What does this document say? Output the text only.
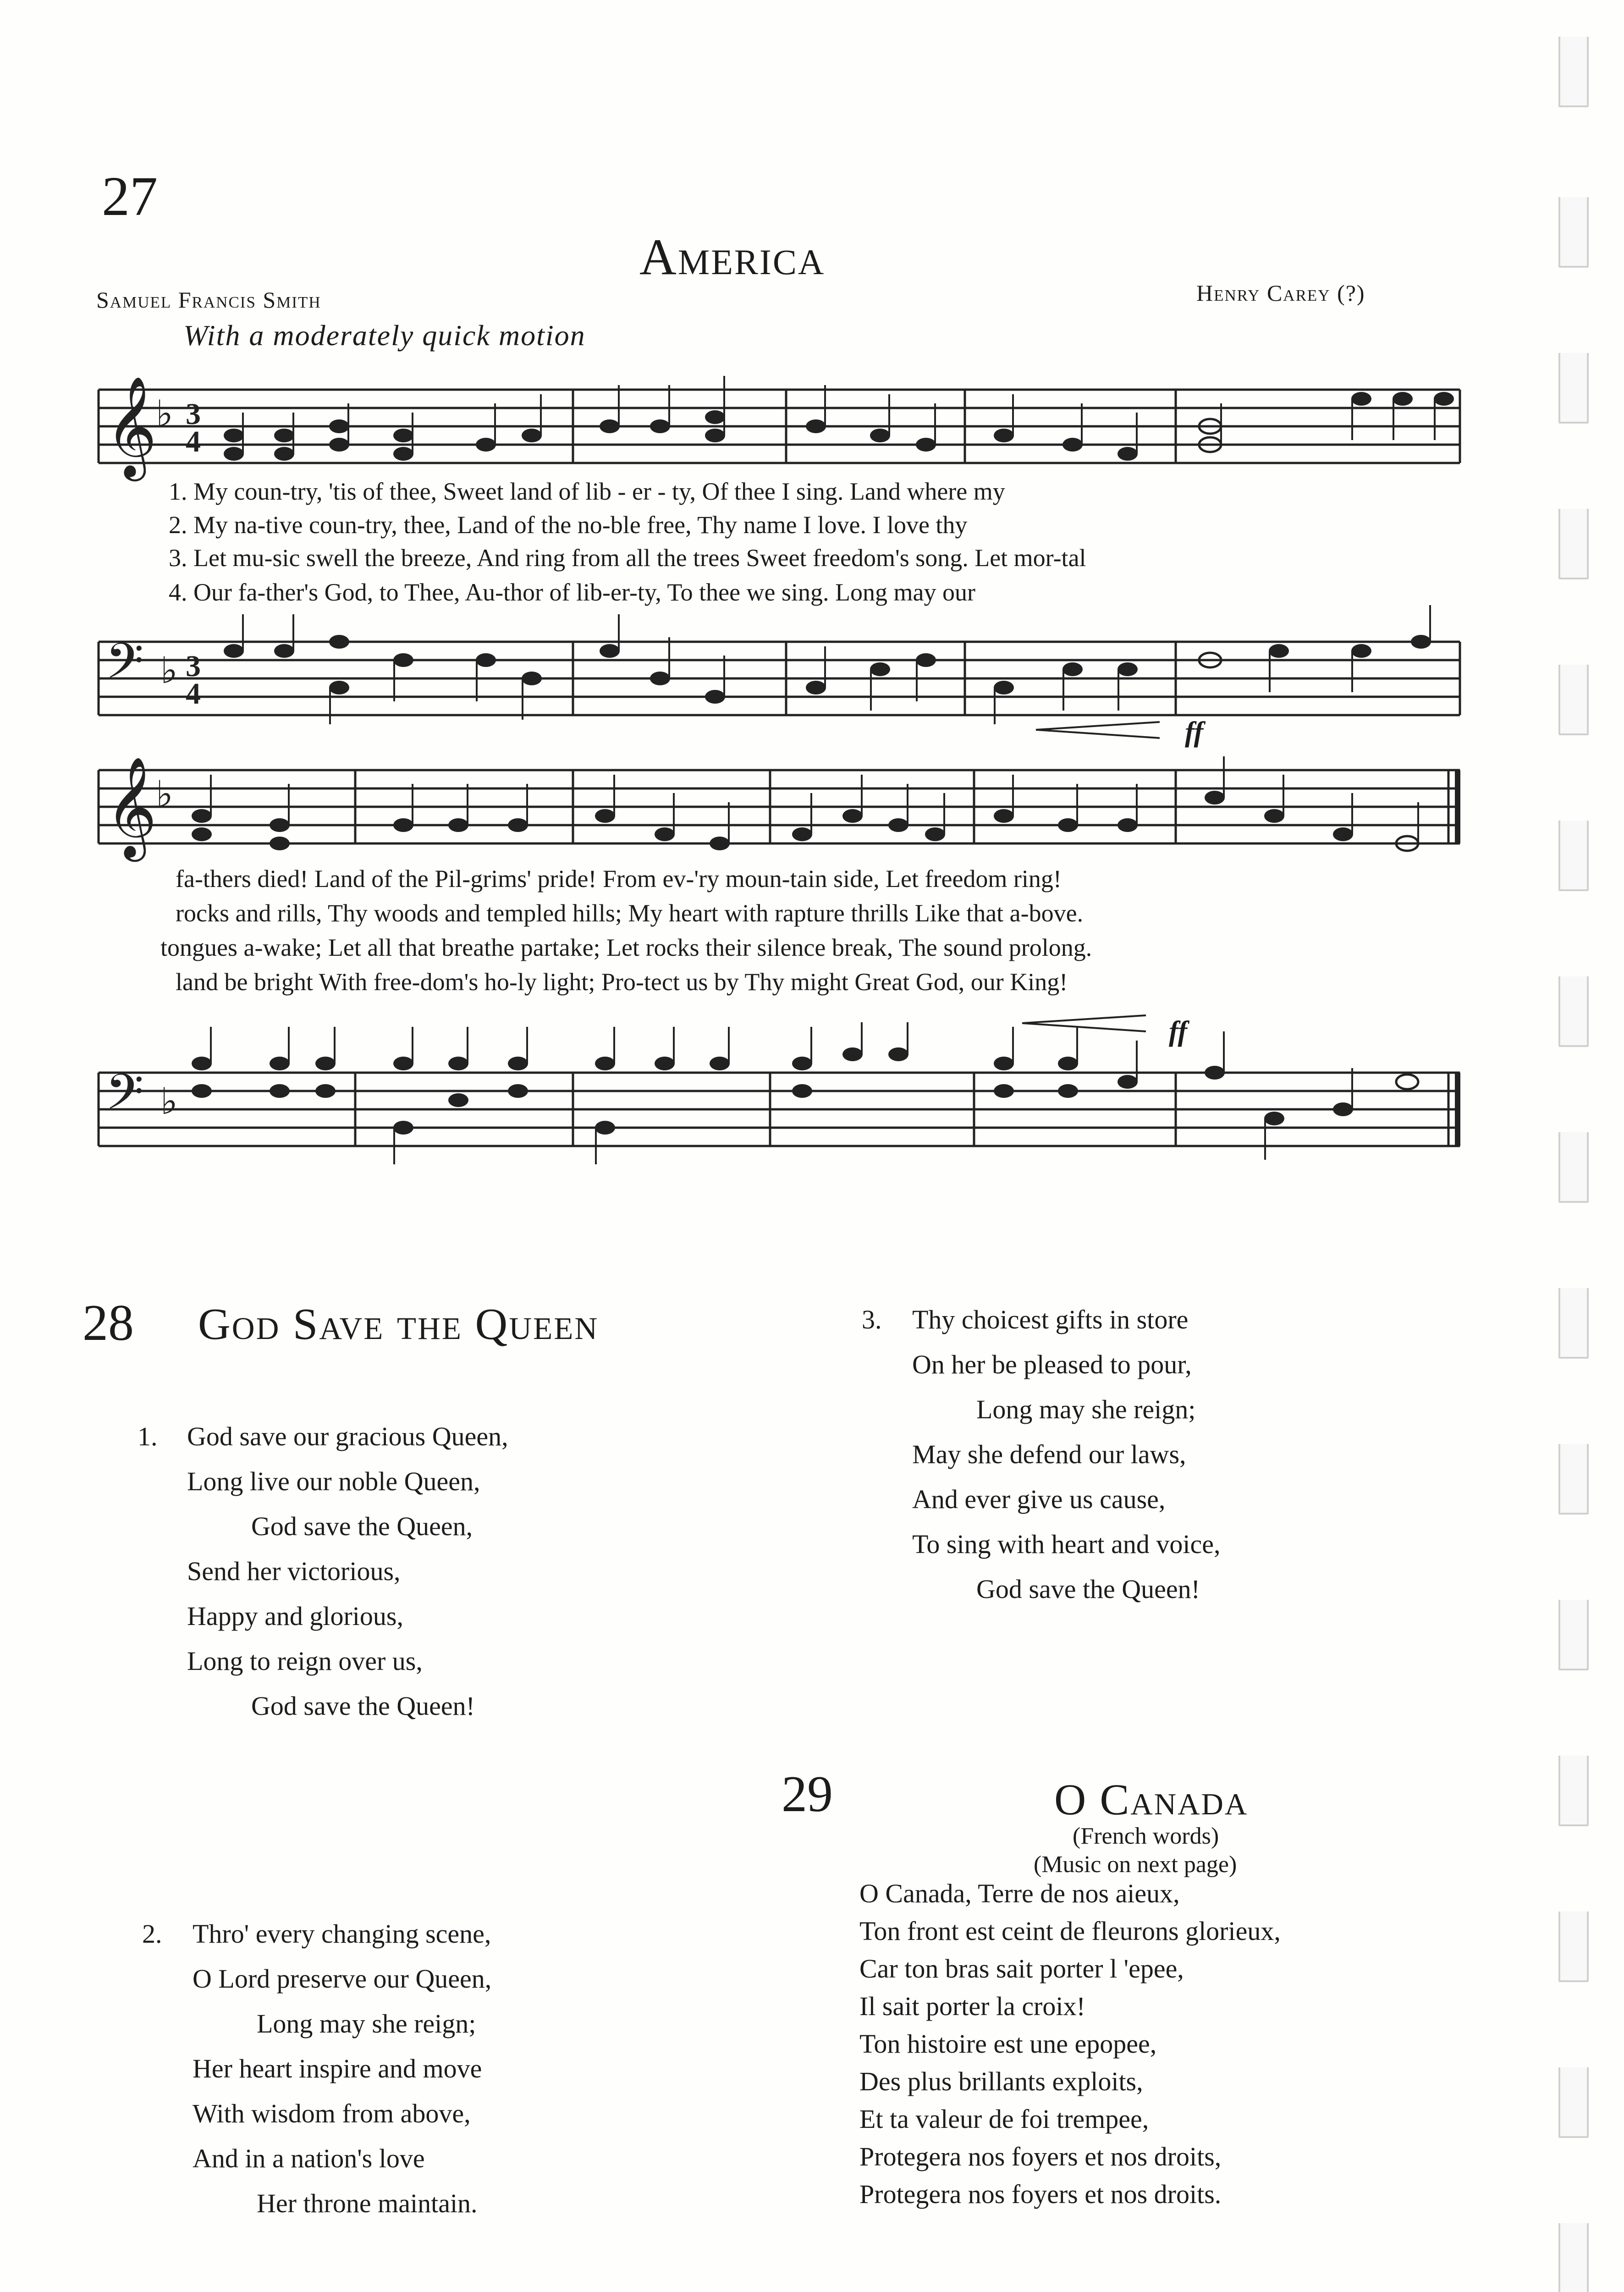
27
America
Samuel Francis Smith	Henry Carey (?)
With a moderately quick motion
𝄞
♭ 3
4
1. My coun-try, 'tis of thee, Sweet land of lib - er - ty, Of thee I sing. Land where my
2. My na-tive coun-try, thee, Land of the no-ble free, Thy name I love. I love thy
3. Let mu-sic swell the breeze, And ring from all the trees Sweet freedom's song. Let mor-tal
4. Our fa-ther's God, to Thee, Au-thor of lib-er-ty, To thee we sing. Long may our
𝄢 ♭ 3
4
ff
𝄞
♭
fa-thers died! Land of the Pil-grims' pride! From ev-'ry moun-tain side, Let freedom ring!
rocks and rills, Thy woods and templed hills; My heart with rapture thrills Like that a-bove.
tongues a-wake; Let all that breathe partake; Let rocks their silence break, The sound prolong.
land be bright With free-dom's ho-ly light; Pro-tect us by Thy might Great God, our King!
ff
𝄢 ♭
28 God Save the Queen
1. God save our gracious Queen,
Long live our noble Queen,
God save the Queen,
Send her victorious,
Happy and glorious,
Long to reign over us,
God save the Queen!
2. Thro' every changing scene,
O Lord preserve our Queen,
Long may she reign;
Her heart inspire and move
With wisdom from above,
And in a nation's love
Her throne maintain.
3. Thy choicest gifts in store
On her be pleased to pour,
Long may she reign;
May she defend our laws,
And ever give us cause,
To sing with heart and voice,
God save the Queen!
29	O Canada
(French words)
(Music on next page)
O Canada, Terre de nos aieux,
Ton front est ceint de fleurons glorieux,
Car ton bras sait porter l 'epee,
Il sait porter la croix!
Ton histoire est une epopee,
Des plus brillants exploits,
Et ta valeur de foi trempee,
Protegera nos foyers et nos droits,
Protegera nos foyers et nos droits.
